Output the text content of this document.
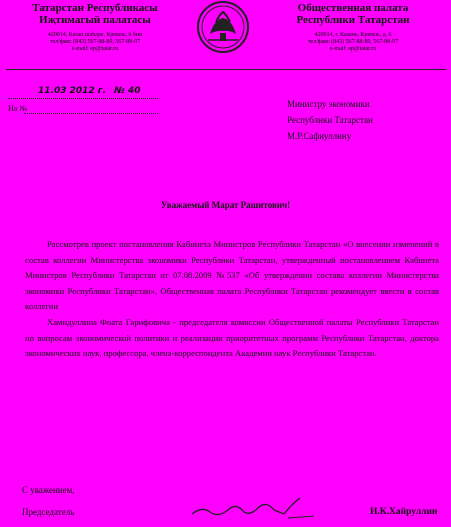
Татарстан Республикасы
Иҗтимагый палатасы
420014, Казан шәһәре, Кремль, 6 бин
тел/факс (843) 567-88-89, 567-88-97
e-mail: op@tatar.ru
Общественная палата
Республики Татарстан
420014, г. Казань, Кремль, д. 6
тел/факс (843) 567-88-89, 567-88-97
e-mail: op@tatar.ru
11.03 2012 г. № 40
На №	Министру экономики
Республики Татарстан
М.Р.Сафиуллину
Уважаемый Марат Рашитович!

Рассмотрев проект постановления Кабинета Министров Республики Татарстан «О внесении изменений в состав коллегии Министерства экономики Республики Татарстан, утвержденный постановлением Кабинета Министров Республики Татарстан от 07.08.2009 №537 «Об утверждении состава коллегии Министерства экономики Республики Татарстан», Общественная палата Республики Татарстан рекомендует ввести в состав коллегии

Хамидуллина Фоата Гарифовича - председателя комиссии Общественной палаты Республики Татарстан по вопросам экономической политики и реализации приоритетных программ Республики Татарстан, доктора экономических наук, профессора, члена-корреспондента Академии наук Республики Татарстан.

С уважением,
Председатель	И.К.Хайруллин
